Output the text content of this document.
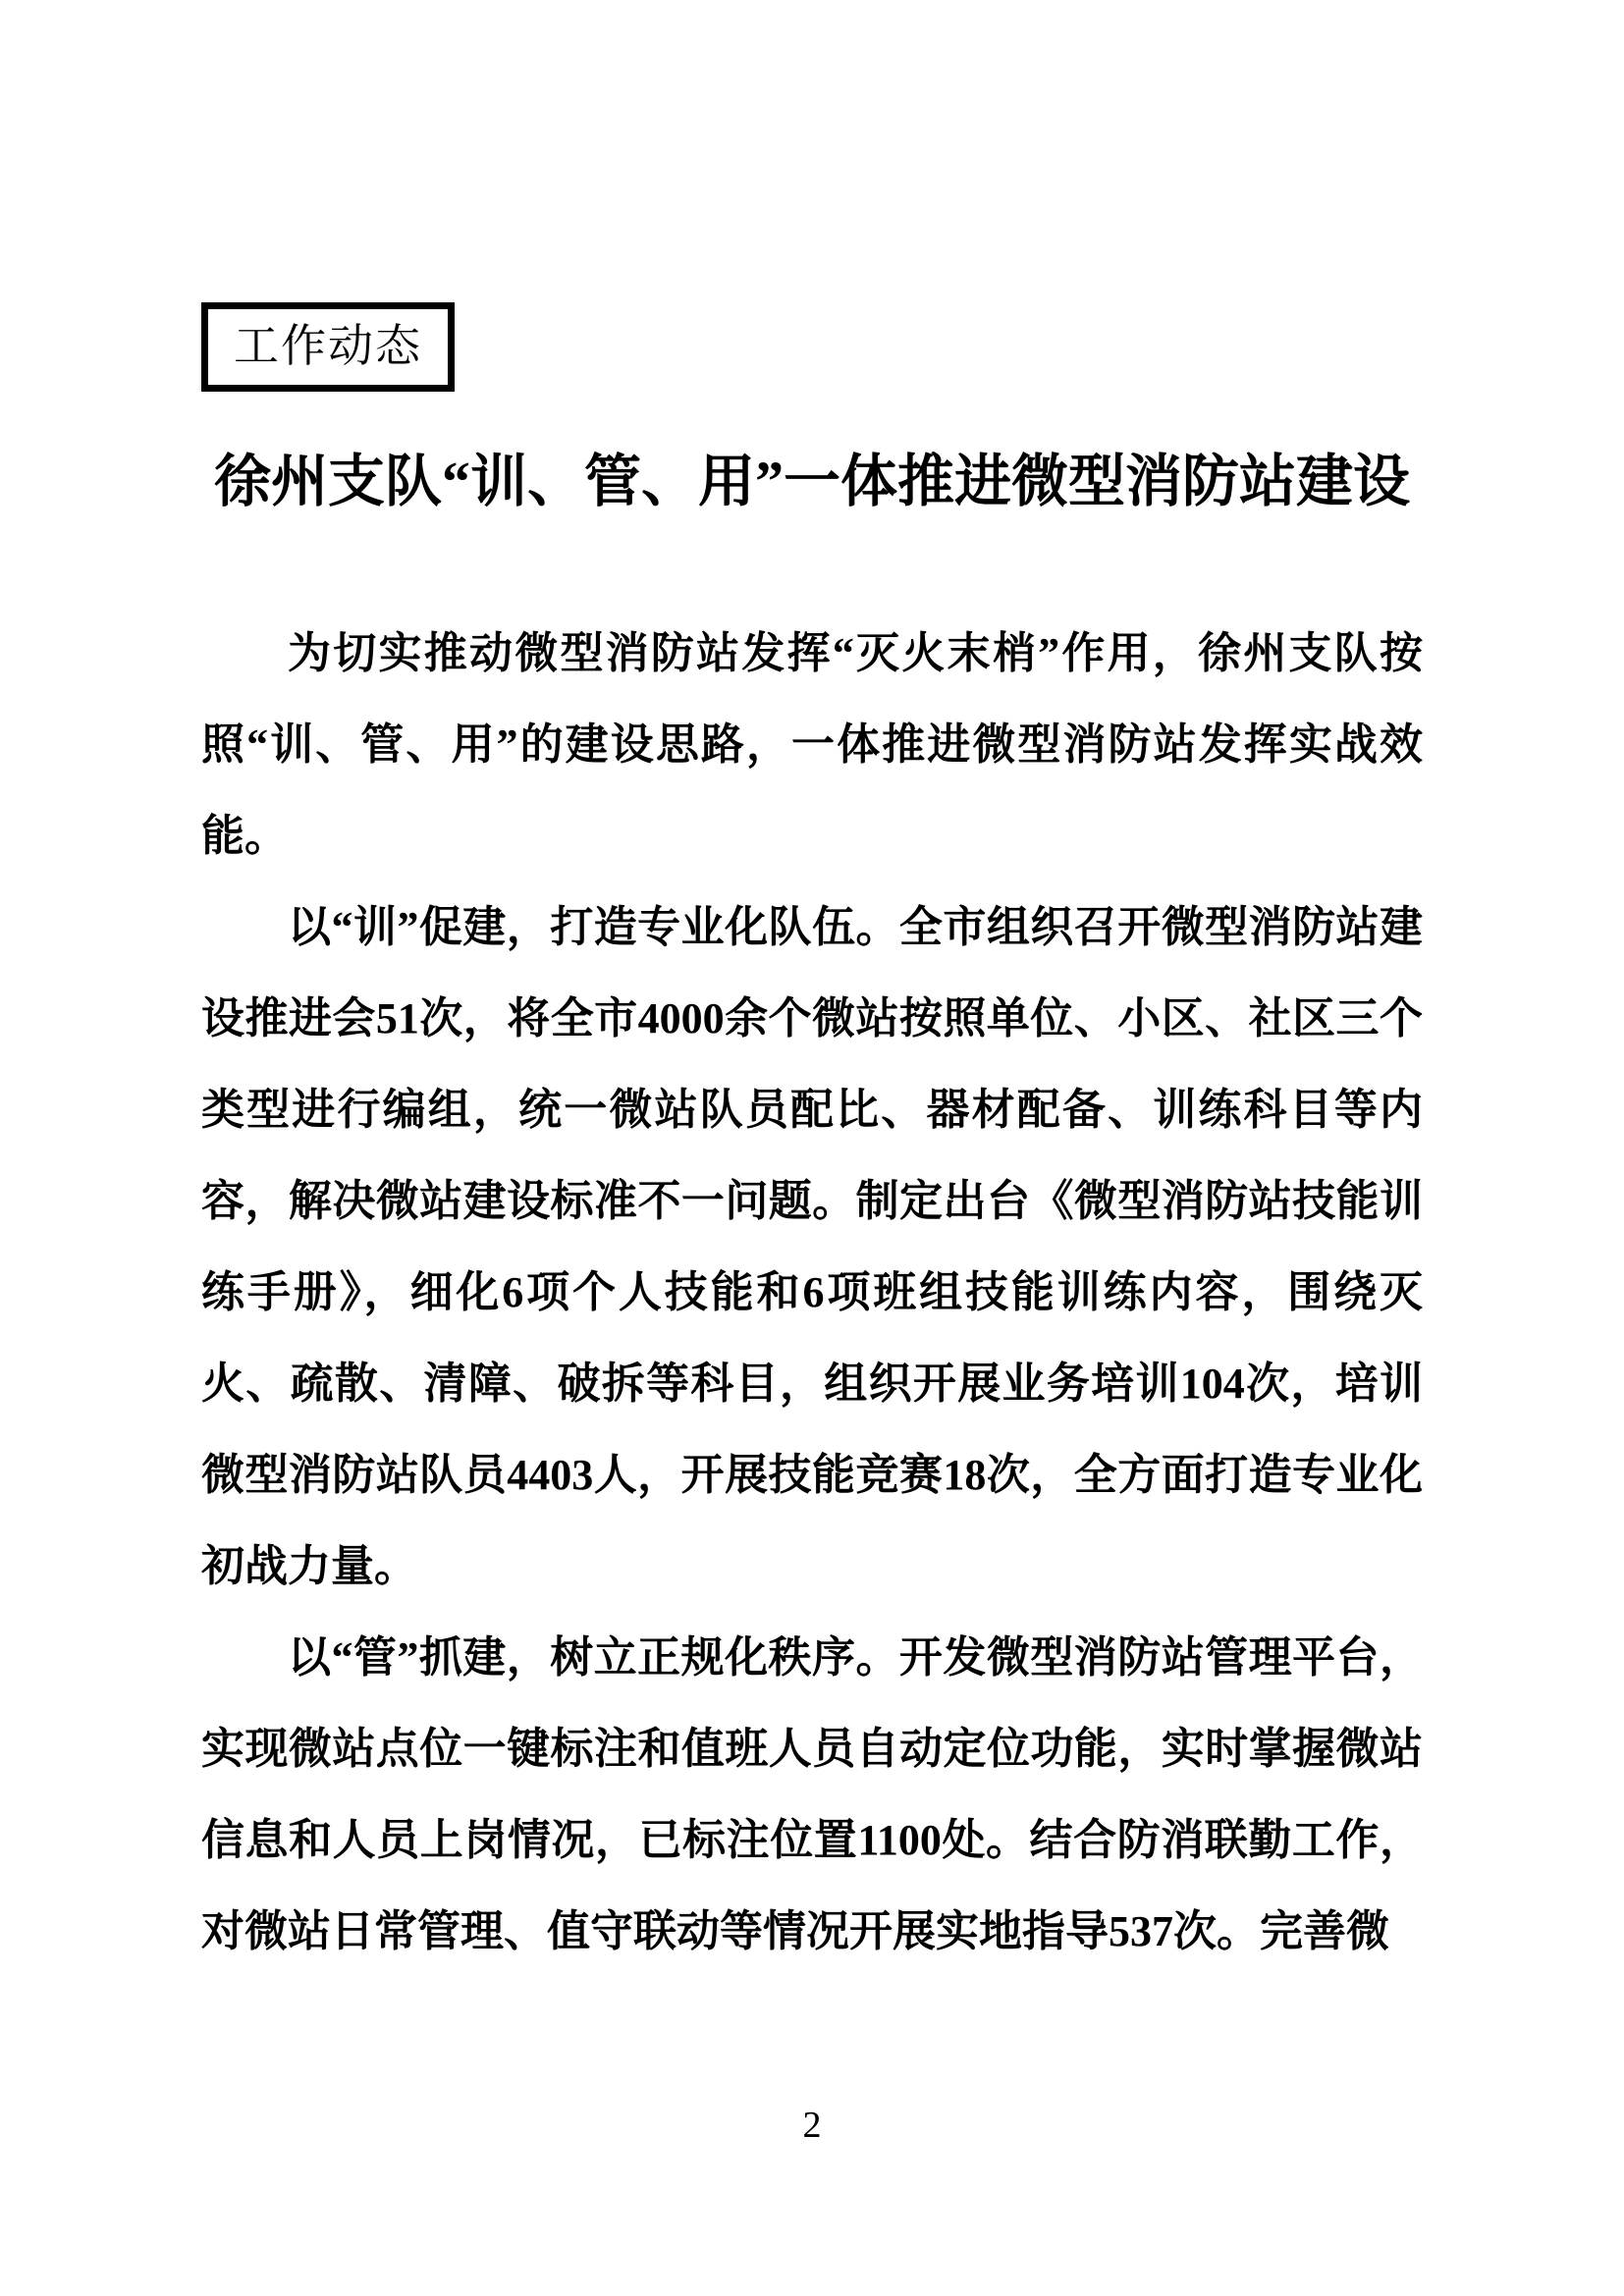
工作动态
徐州支队“训、管、用”一体推进微型消防站建设

为切实推动微型消防站发挥“灭火末梢”作用，徐州支队按照“训、管、用”的建设思路，一体推进微型消防站发挥实战效能。

以“训”促建，打造专业化队伍。全市组织召开微型消防站建设推进会51次，将全市4000余个微站按照单位、小区、社区三个类型进行编组，统一微站队员配比、器材配备、训练科目等内容，解决微站建设标准不一问题。制定出台《微型消防站技能训练手册》，细化6项个人技能和6项班组技能训练内容，围绕灭火、疏散、清障、破拆等科目，组织开展业务培训104次，培训微型消防站队员4403人，开展技能竞赛18次，全方面打造专业化初战力量。

以“管”抓建，树立正规化秩序。开发微型消防站管理平台，实现微站点位一键标注和值班人员自动定位功能，实时掌握微站信息和人员上岗情况，已标注位置1100处。结合防消联勤工作，对微站日常管理、值守联动等情况开展实地指导537次。完善微

2
